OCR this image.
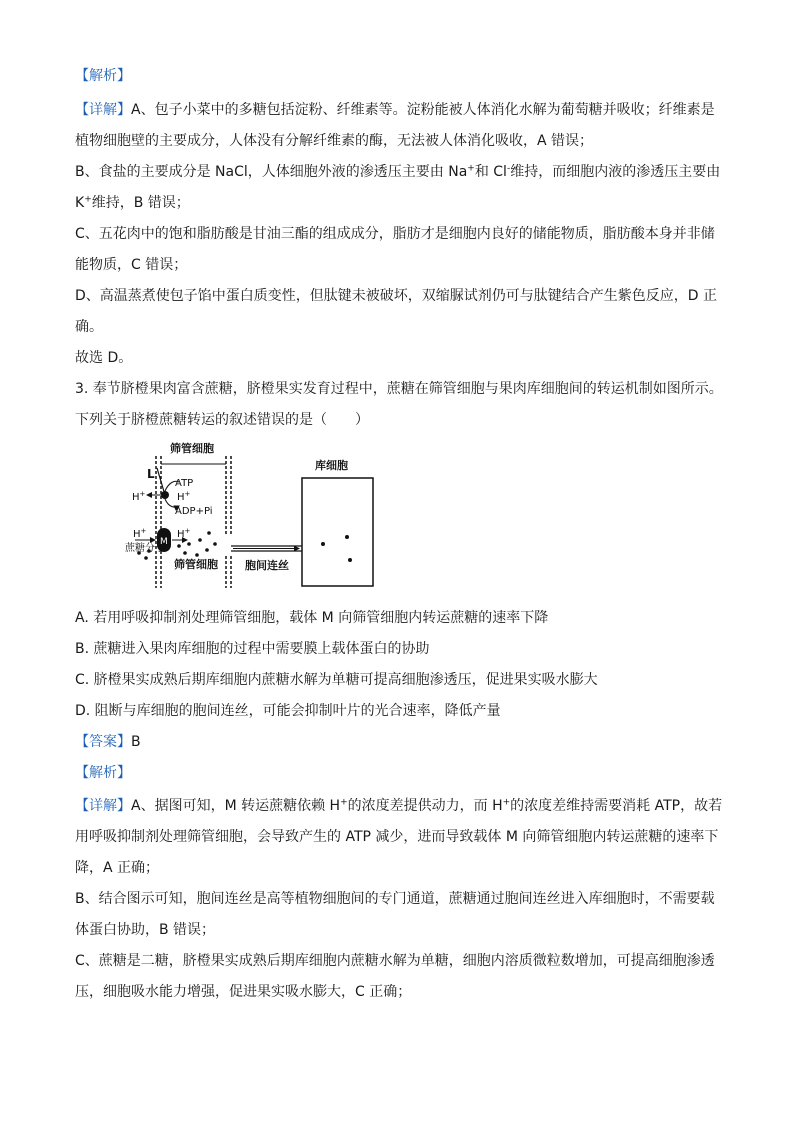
【解析】
【详解】A、包子小菜中的多糖包括淀粉、纤维素等。淀粉能被人体消化水解为葡萄糖并吸收；纤维素是
植物细胞壁的主要成分，人体没有分解纤维素的酶，无法被人体消化吸收，A 错误；
B、食盐的主要成分是 NaCl，人体细胞外液的渗透压主要由 Na+和 Cl-维持，而细胞内液的渗透压主要由
K+维持，B 错误；
C、五花肉中的饱和脂肪酸是甘油三酯的组成成分，脂肪才是细胞内良好的储能物质，脂肪酸本身并非储
能物质，C 错误；
D、高温蒸煮使包子馅中蛋白质变性，但肽键未被破坏，双缩脲试剂仍可与肽键结合产生紫色反应，D 正
确。
故选 D。
3. 奉节脐橙果肉富含蔗糖，脐橙果实发育过程中，蔗糖在筛管细胞与果肉库细胞间的转运机制如图所示。
下列关于脐橙蔗糖转运的叙述错误的是（　　）
筛管细胞
库细胞
筛管细胞 胞间连丝
蔗糖分子
L
ATP
ADP+Pi
H+	H+
H+	H+
M
A. 若用呼吸抑制剂处理筛管细胞，载体 M 向筛管细胞内转运蔗糖的速率下降
B. 蔗糖进入果肉库细胞的过程中需要膜上载体蛋白的协助
C. 脐橙果实成熟后期库细胞内蔗糖水解为单糖可提高细胞渗透压，促进果实吸水膨大
D. 阻断与库细胞的胞间连丝，可能会抑制叶片的光合速率，降低产量
【答案】B
【解析】
【详解】A、据图可知，M 转运蔗糖依赖 H+的浓度差提供动力，而 H+的浓度差维持需要消耗 ATP，故若
用呼吸抑制剂处理筛管细胞，会导致产生的 ATP 减少，进而导致载体 M 向筛管细胞内转运蔗糖的速率下
降，A 正确；
B、结合图示可知，胞间连丝是高等植物细胞间的专门通道，蔗糖通过胞间连丝进入库细胞时，不需要载
体蛋白协助，B 错误；
C、蔗糖是二糖，脐橙果实成熟后期库细胞内蔗糖水解为单糖，细胞内溶质微粒数增加，可提高细胞渗透
压，细胞吸水能力增强，促进果实吸水膨大，C 正确；
